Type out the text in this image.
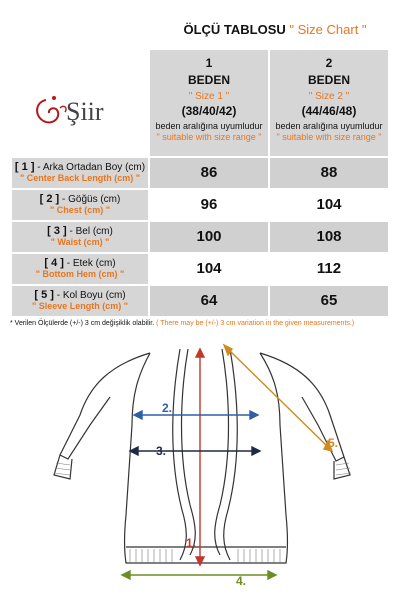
ÖLÇÜ TABLOSU " Size Chart "
Şiir
1
BEDEN
" Size 1 "
(38/40/42)
beden aralığına uyumludur
" suitable with size range "
2
BEDEN
" Size 2 "
(44/46/48)
beden aralığına uyumludur
" suitable with size range "
[ 1 ] - Arka Ortadan Boy (cm)
" Center Back Length (cm) "	86	88
[ 2 ] - Göğüs (cm)
" Chest (cm) "	96	104
[ 3 ] - Bel (cm)
" Waist (cm) "	100	108
[ 4 ] - Etek (cm)
" Bottom Hem (cm) "	104	112
[ 5 ] - Kol Boyu (cm)
" Sleeve Length (cm) "	64	65
* Verilen Ölçülerde (+/-) 3 cm değişiklik olabilir. ( There may be (+/-) 3 cm variation in the given measurements.)
1.
2.
3.
4.
5.
